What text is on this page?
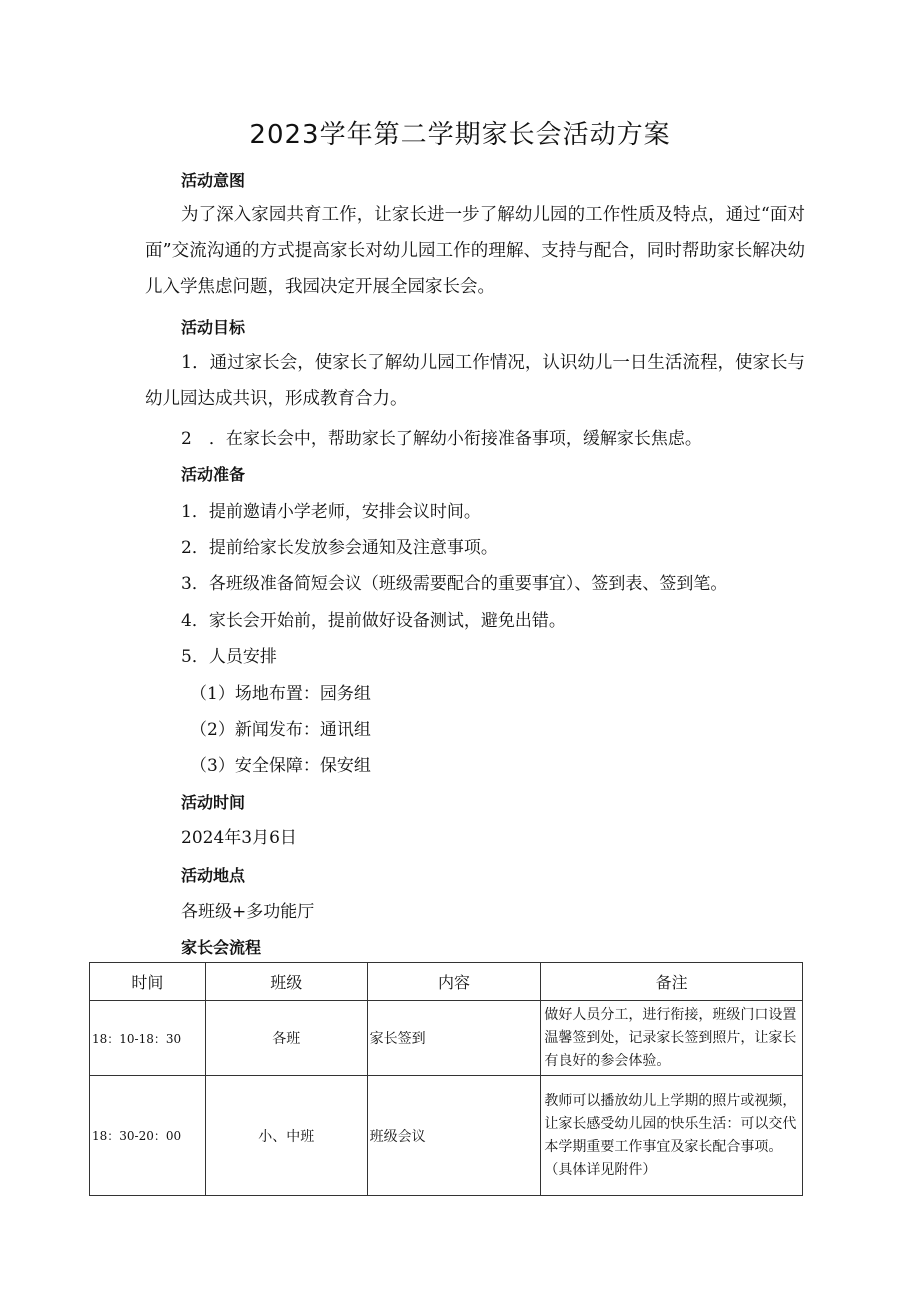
2023学年第二学期家长会活动方案
活动意图
为了深入家园共育工作，让家长进一步了解幼儿园的工作性质及特点，通过“面对面”交流沟通的方式提高家长对幼儿园工作的理解、支持与配合，同时帮助家长解决幼儿入学焦虑问题，我园决定开展全园家长会。
活动目标
1．通过家长会，使家长了解幼儿园工作情况，认识幼儿一日生活流程，使家长与幼儿园达成共识，形成教育合力。
2　．在家长会中，帮助家长了解幼小衔接准备事项，缓解家长焦虑。
活动准备
1．提前邀请小学老师，安排会议时间。
2．提前给家长发放参会通知及注意事项。
3．各班级准备简短会议（班级需要配合的重要事宜）、签到表、签到笔。
4．家长会开始前，提前做好设备测试，避免出错。
5．人员安排
（1）场地布置：园务组
（2）新闻发布：通讯组
（3）安全保障：保安组
活动时间
2024年3月6日
活动地点
各班级+多功能厅
家长会流程
时间	班级	内容	备注
18：10-18：30	各班	家长签到	做好人员分工，进行衔接，班级门口设置温馨签到处，记录家长签到照片，让家长有良好的参会体验。
18：30-20：00	小、中班	班级会议	教师可以播放幼儿上学期的照片或视频，让家长感受幼儿园的快乐生活：可以交代本学期重要工作事宜及家长配合事项。（具体详见附件）
